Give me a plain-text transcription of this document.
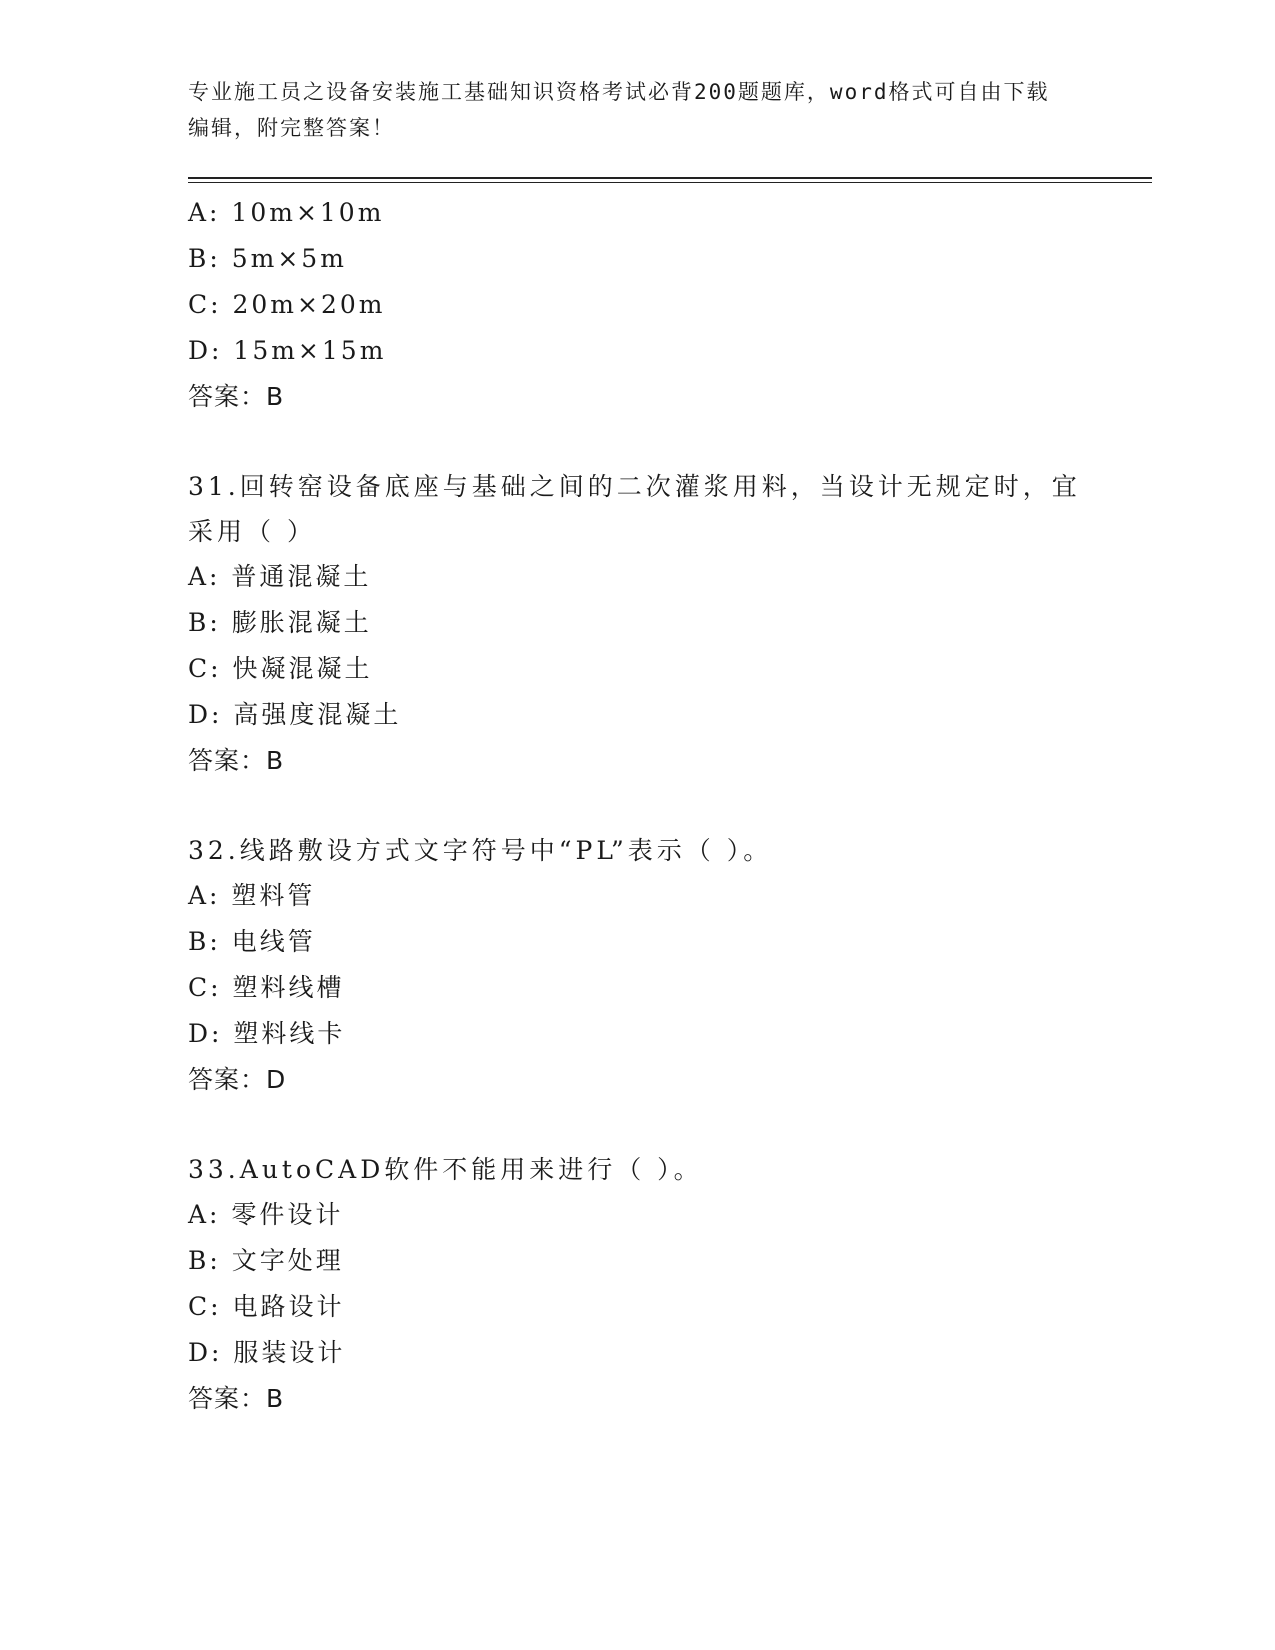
专业施工员之设备安装施工基础知识资格考试必背200题题库，word格式可自由下载编辑，附完整答案！
A: 10m×10m
B: 5m×5m
C: 20m×20m
D: 15m×15m
答案：B
31.回转窑设备底座与基础之间的二次灌浆用料，当设计无规定时，宜采用（ ）
A: 普通混凝土
B: 膨胀混凝土
C: 快凝混凝土
D: 高强度混凝土
答案：B
32.线路敷设方式文字符号中“PL”表示（ ）。
A: 塑料管
B: 电线管
C: 塑料线槽
D: 塑料线卡
答案：D
33.AutoCAD软件不能用来进行（ ）。
A: 零件设计
B: 文字处理
C: 电路设计
D: 服装设计
答案：B
